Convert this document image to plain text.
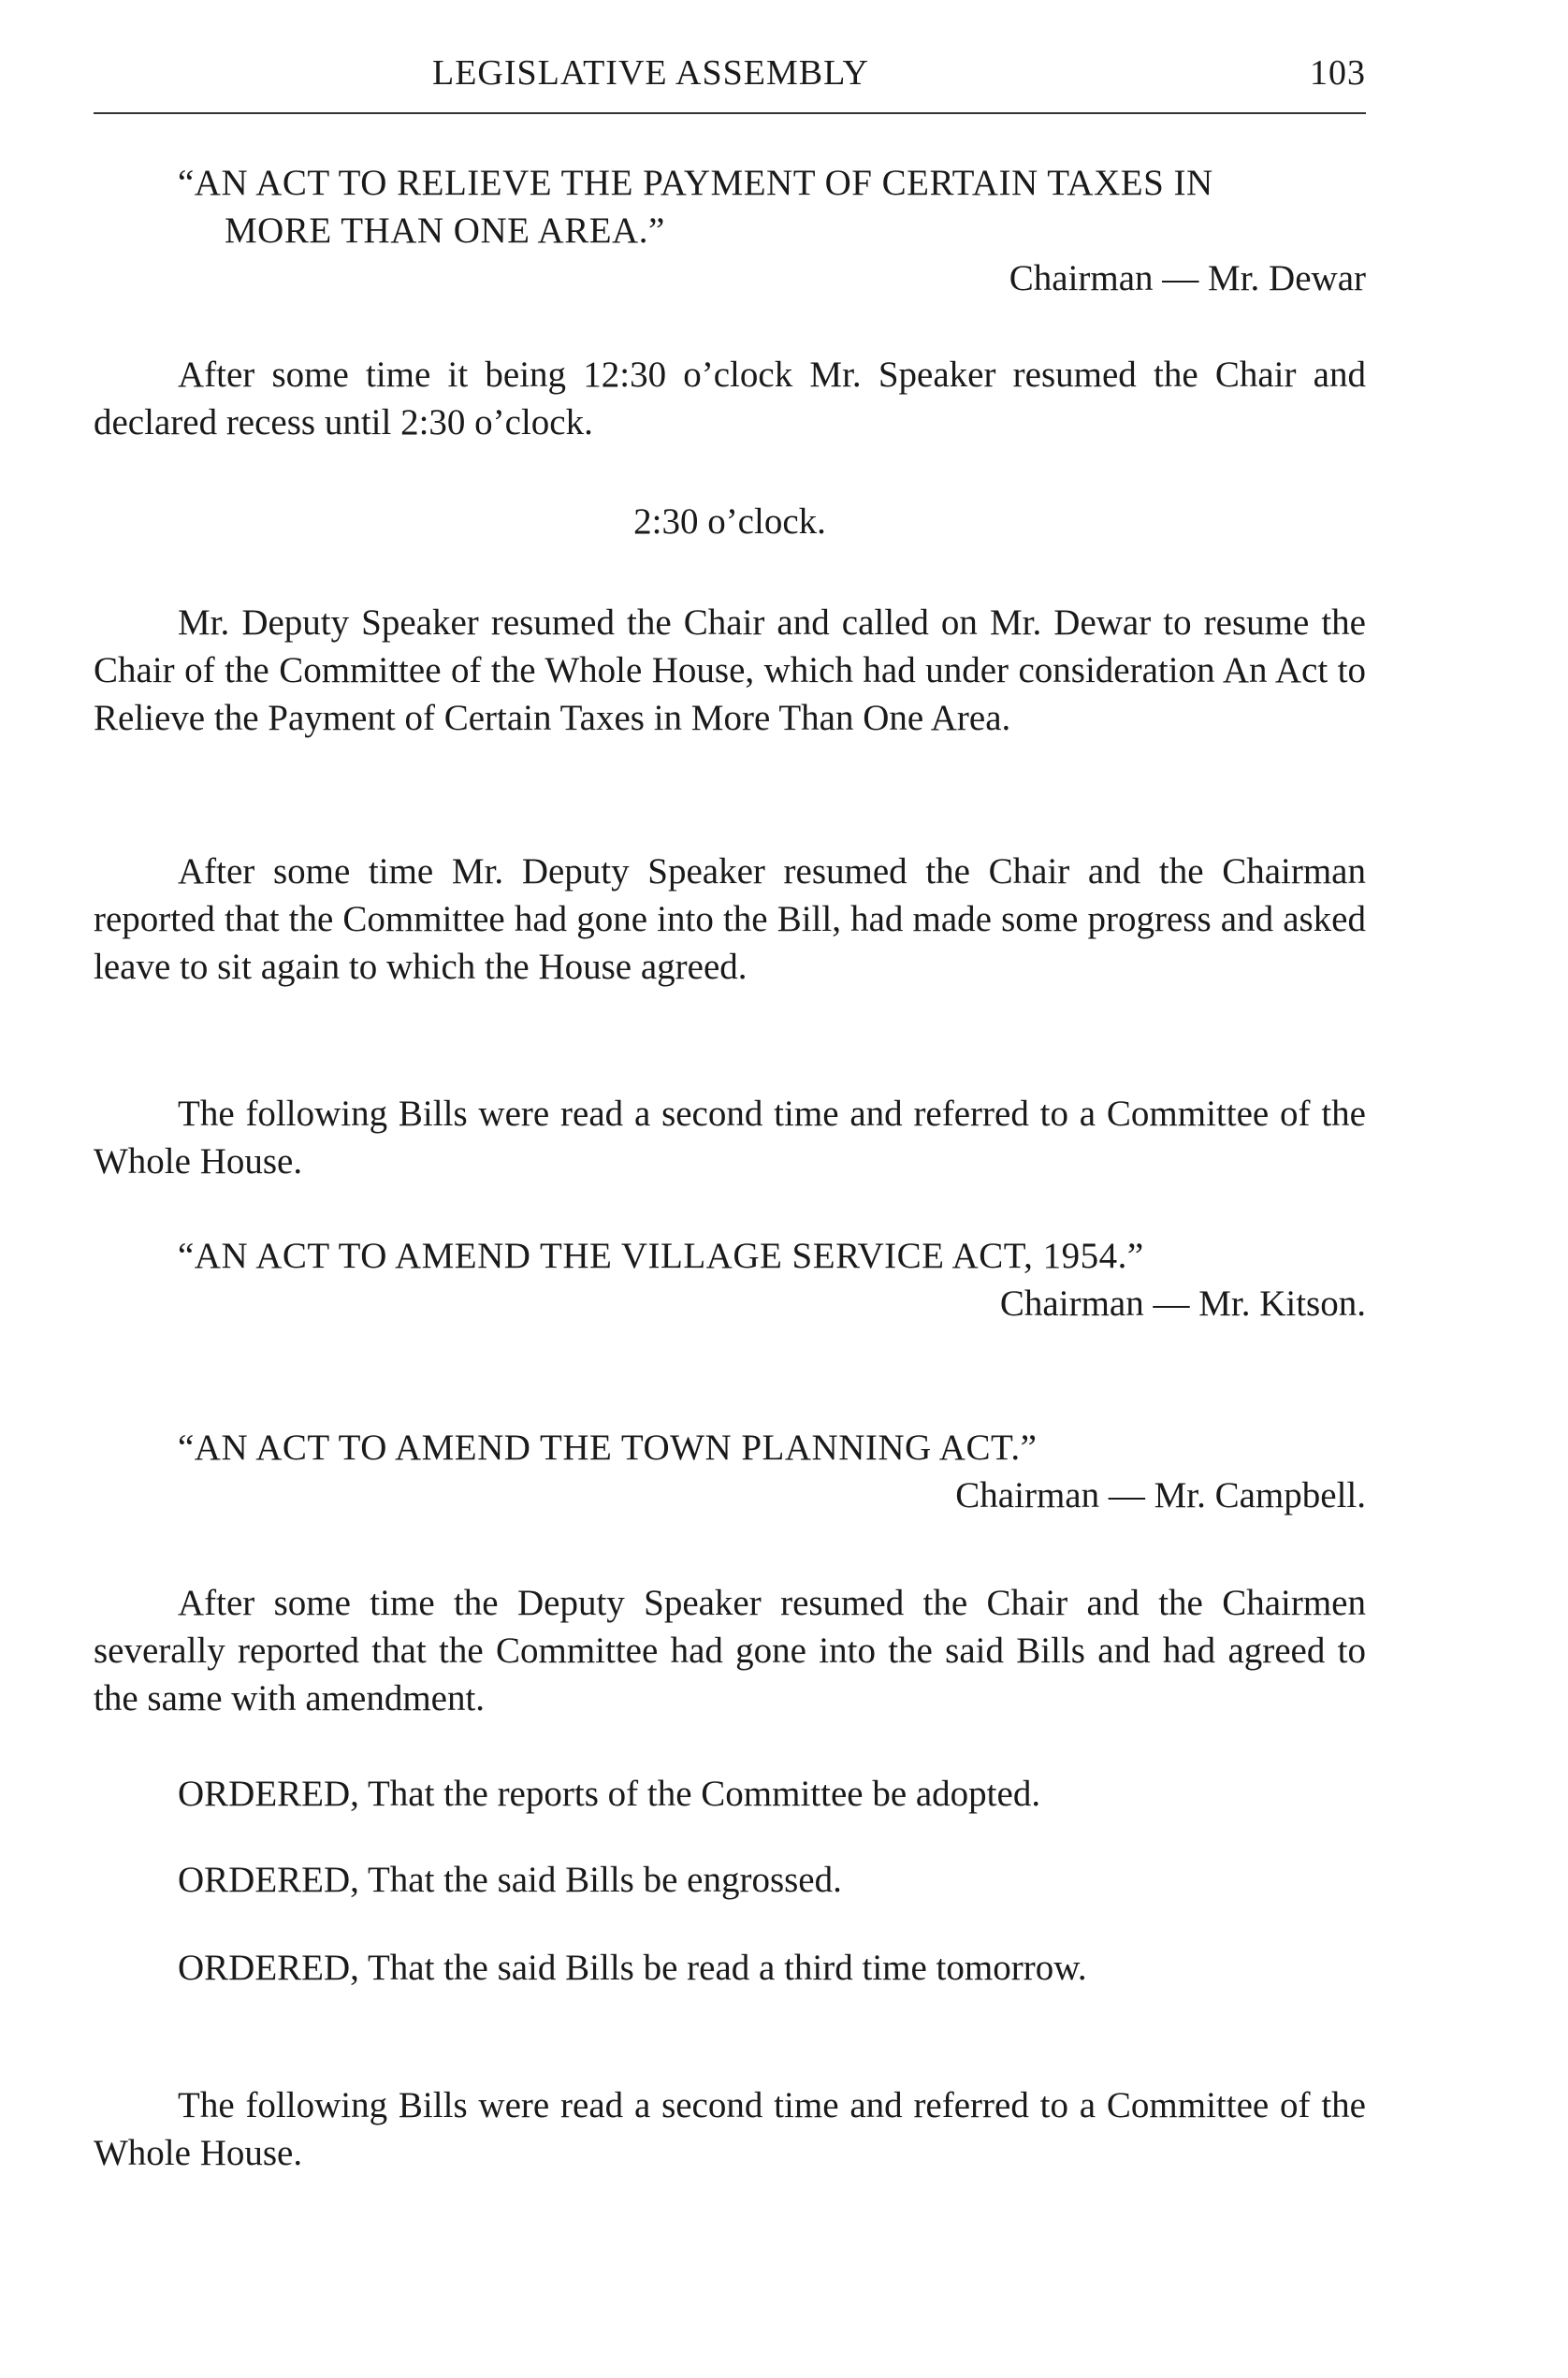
LEGISLATIVE ASSEMBLY	103

“AN ACT TO RELIEVE THE PAYMENT OF CERTAIN TAXES IN MORE THAN ONE AREA.”

Chairman — Mr. Dewar

After some time it being 12:30 o’clock Mr. Speaker resumed the Chair and declared recess until 2:30 o’clock.

2:30 o’clock.

Mr. Deputy Speaker resumed the Chair and called on Mr. Dewar to resume the Chair of the Committee of the Whole House, which had under consideration An Act to Relieve the Payment of Certain Taxes in More Than One Area.

After some time Mr. Deputy Speaker resumed the Chair and the Chairman reported that the Committee had gone into the Bill, had made some progress and asked leave to sit again to which the House agreed.

The following Bills were read a second time and referred to a Committee of the Whole House.

“AN ACT TO AMEND THE VILLAGE SERVICE ACT, 1954.”

Chairman — Mr. Kitson.

“AN ACT TO AMEND THE TOWN PLANNING ACT.”

Chairman — Mr. Campbell.

After some time the Deputy Speaker resumed the Chair and the Chairmen severally reported that the Committee had gone into the said Bills and had agreed to the same with amendment.

ORDERED, That the reports of the Committee be adopted.

ORDERED, That the said Bills be engrossed.

ORDERED, That the said Bills be read a third time tomorrow.

The following Bills were read a second time and referred to a Committee of the Whole House.
